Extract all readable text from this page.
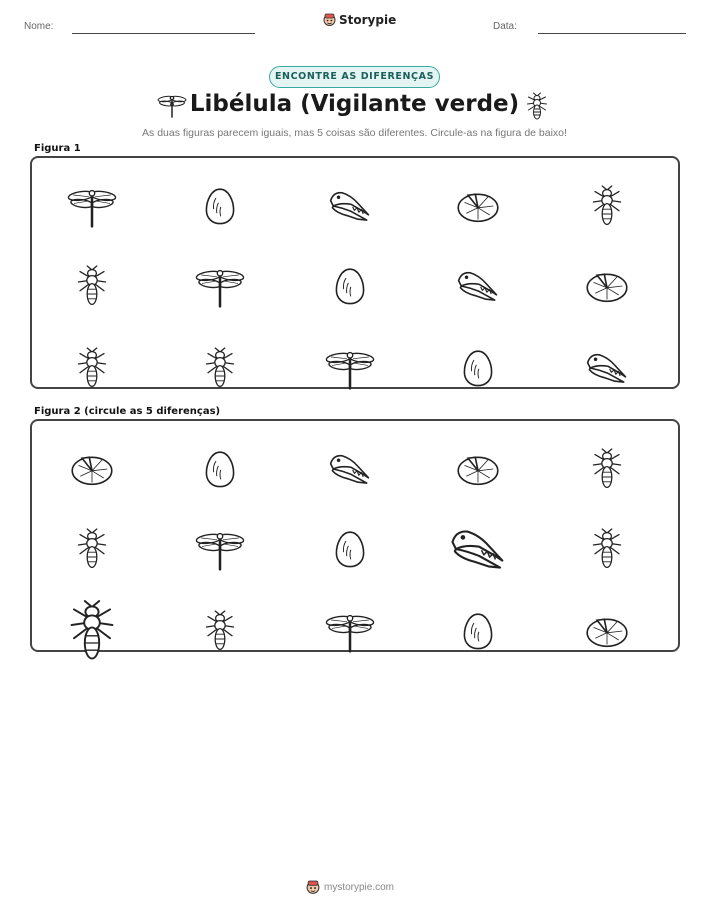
Nome:	Storypie	Data:
ENCONTRE AS DIFERENÇAS
Libélula (Vigilante verde)
As duas figuras parecem iguais, mas 5 coisas são diferentes. Circule-as na figura de baixo!
Figura 1
Figura 2 (circule as 5 diferenças)
mystorypie.com
